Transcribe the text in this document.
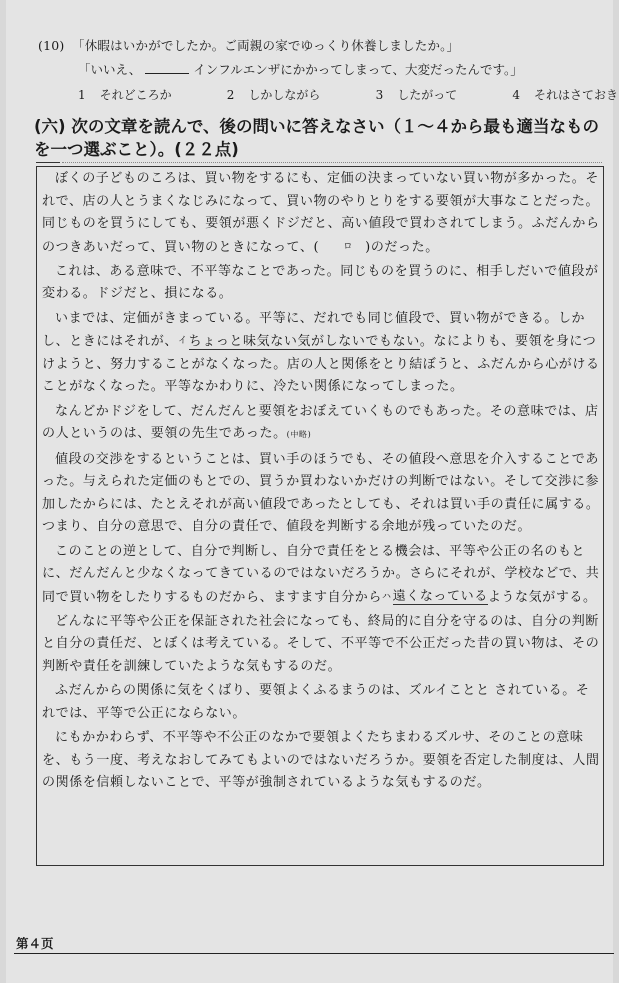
(10) 「休暇はいかがでしたか。ご両親の家でゆっくり休養しましたか。」
「いいえ、	インフルエンザにかかってしまって、大変だったんです。」
1 それどころか	2 しかしながら	3 したがって	4 それはさておき
(六) 次の文章を読んで、後の問いに答えなさい（１～４から最も適当なものを一つ選ぶこと）。(２２点)

ぼくの子どものころは、買い物をするにも、定価の決まっていない買い物が多かった。それで、店の人とうまくなじみになって、買い物のやりとりをする要領が大事なことだった。同じものを買うにしても、要領が悪くドジだと、高い値段で買わされてしまう。ふだんからのつきあいだって、買い物のときになって、(	ロ )のだった。

これは、ある意味で、不平等なことであった。同じものを買うのに、相手しだいで値段が変わる。ドジだと、損になる。

いまでは、定価がきまっている。平等に、だれでも同じ値段で、買い物ができる。しかし、ときにはそれが、イちょっと味気ない気がしないでもない。なによりも、要領を身につけようと、努力することがなくなった。店の人と関係をとり結ぼうと、ふだんから心がけることがなくなった。平等なかわりに、冷たい関係になってしまった。

なんどかドジをして、だんだんと要領をおぼえていくものでもあった。その意味では、店の人というのは、要領の先生であった。(中略)

値段の交渉をするということは、買い手のほうでも、その値段へ意思を介入することであった。与えられた定価のもとでの、買うか買わないかだけの判断ではない。そして交渉に参加したからには、たとえそれが高い値段であったとしても、それは買い手の責任に属する。つまり、自分の意思で、自分の責任で、値段を判断する余地が残っていたのだ。

このことの逆として、自分で判断し、自分で責任をとる機会は、平等や公正の名のもとに、だんだんと少なくなってきているのではないだろうか。さらにそれが、学校などで、共同で買い物をしたりするものだから、ますます自分からハ遠くなっているような気がする。

どんなに平等や公正を保証された社会になっても、終局的に自分を守るのは、自分の判断と自分の責任だ、とぼくは考えている。そして、不平等で不公正だった昔の買い物は、その判断や責任を訓練していたような気もするのだ。

ふだんからの関係に気をくばり、要領よくふるまうのは、ズルイことと されている。それでは、平等で公正にならない。

にもかかわらず、不平等や不公正のなかで要領よくたちまわるズルサ、そのことの意味を、もう一度、考えなおしてみてもよいのではないだろうか。要領を否定した制度は、人間の関係を信頼しないことで、平等が強制されているような気もするのだ。

第４页
